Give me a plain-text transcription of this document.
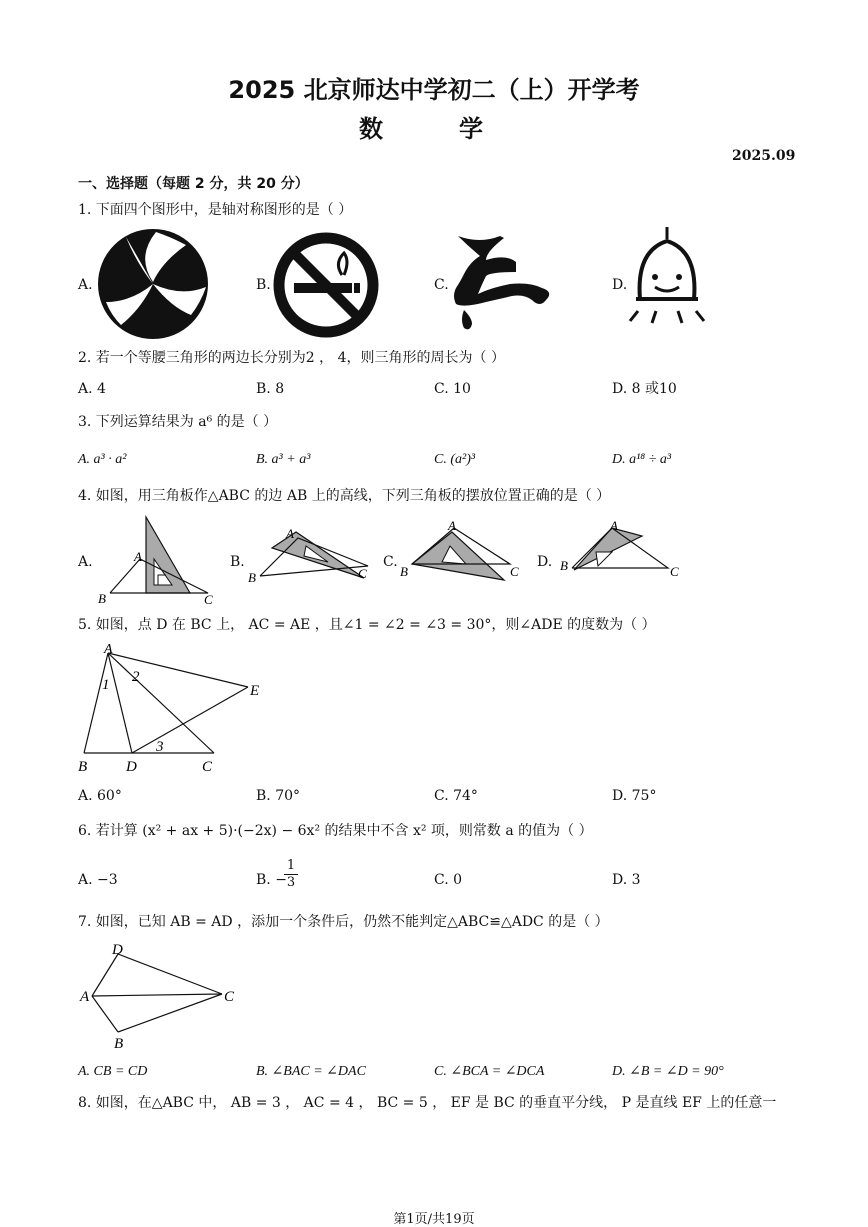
2025 北京师达中学初二（上）开学考
数　学
2025.09
一、选择题（每题 2 分，共 20 分）
1. 下面四个图形中，是轴对称图形的是（ ）
A.	B.	C.	D.
2. 若一个等腰三角形的两边长分别为2 ， 4，则三角形的周长为（ ）
A. 4	B. 8	C. 10	D. 8 或10
3. 下列运算结果为 a⁶ 的是（ ）
A. a³ · a²	B. a³ + a³	C. (a²)³	D. a¹⁸ ÷ a³
4. 如图，用三角板作△ABC 的边 AB 上的高线，下列三角板的摆放位置正确的是（ ）
A.	A
B	C
B.
A
B	C
C.
A
B	C
D.
A
B	C
5. 如图，点 D 在 BC 上， AC = AE ，且∠1 = ∠2 = ∠3 = 30°，则∠ADE 的度数为（ ）
A
1 2
3
E
B	D	C
A. 60°	B. 70°	C. 74°	D. 75°
6. 若计算 (x² + ax + 5)·(−2x) − 6x² 的结果中不含 x² 项，则常数 a 的值为（ ）
A. −3	B. −
$\frac{1}{3}$	C. 0	D. 3
7. 如图，已知 AB = AD ，添加一个条件后，仍然不能判定△ABC≌△ADC 的是（ ）
D
A	C
B
A. CB = CD	B. ∠BAC = ∠DAC	C. ∠BCA = ∠DCA	D. ∠B = ∠D = 90°
8. 如图，在△ABC 中， AB = 3 ， AC = 4 ， BC = 5 ， EF 是 BC 的垂直平分线， P 是直线 EF 上的任意一
第1页/共19页
